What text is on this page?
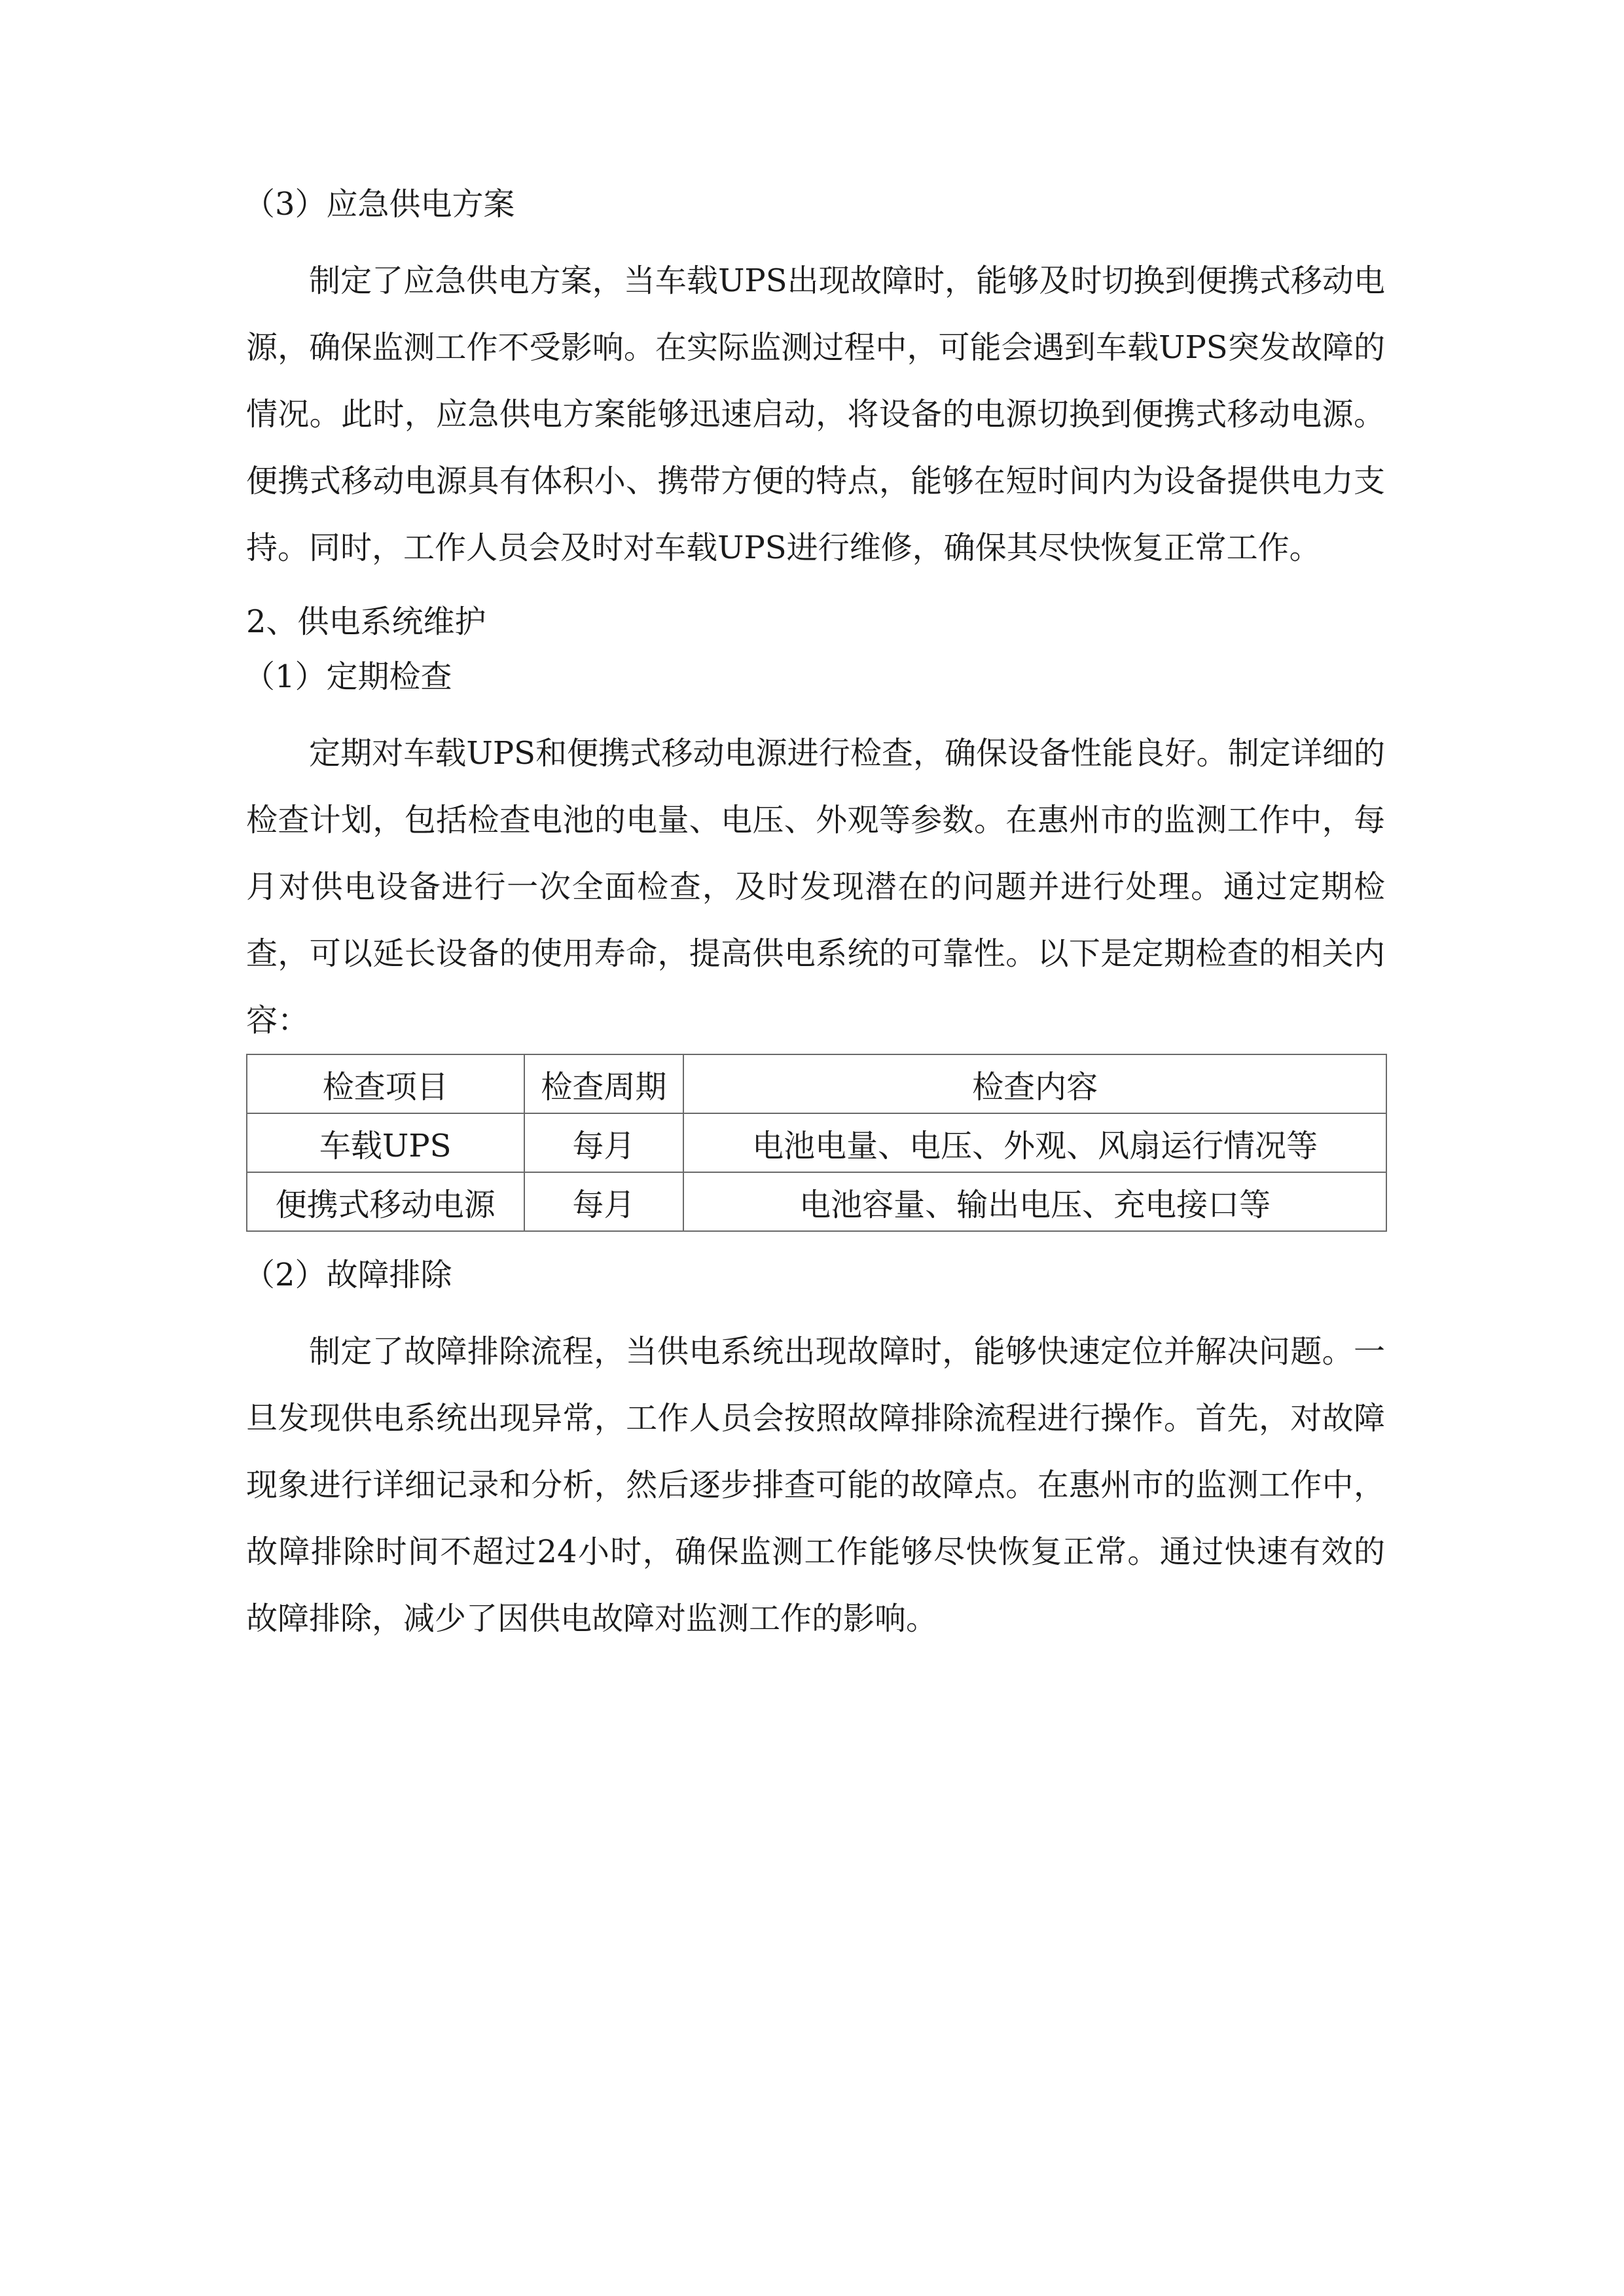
（3）应急供电方案

制定了应急供电方案，当车载UPS出现故障时，能够及时切换到便携式移动电源，确保监测工作不受影响。在实际监测过程中，可能会遇到车载UPS突发故障的情况。此时，应急供电方案能够迅速启动，将设备的电源切换到便携式移动电源。便携式移动电源具有体积小、携带方便的特点，能够在短时间内为设备提供电力支持。同时，工作人员会及时对车载UPS进行维修，确保其尽快恢复正常工作。

2、供电系统维护

（1）定期检查

定期对车载UPS和便携式移动电源进行检查，确保设备性能良好。制定详细的检查计划，包括检查电池的电量、电压、外观等参数。在惠州市的监测工作中，每月对供电设备进行一次全面检查，及时发现潜在的问题并进行处理。通过定期检查，可以延长设备的使用寿命，提高供电系统的可靠性。以下是定期检查的相关内容：

检查项目	检查周期	检查内容
车载UPS	每月	电池电量、电压、外观、风扇运行情况等
便携式移动电源	每月	电池容量、输出电压、充电接口等

（2）故障排除

制定了故障排除流程，当供电系统出现故障时，能够快速定位并解决问题。一旦发现供电系统出现异常，工作人员会按照故障排除流程进行操作。首先，对故障现象进行详细记录和分析，然后逐步排查可能的故障点。在惠州市的监测工作中，故障排除时间不超过24小时，确保监测工作能够尽快恢复正常。通过快速有效的故障排除，减少了因供电故障对监测工作的影响。
